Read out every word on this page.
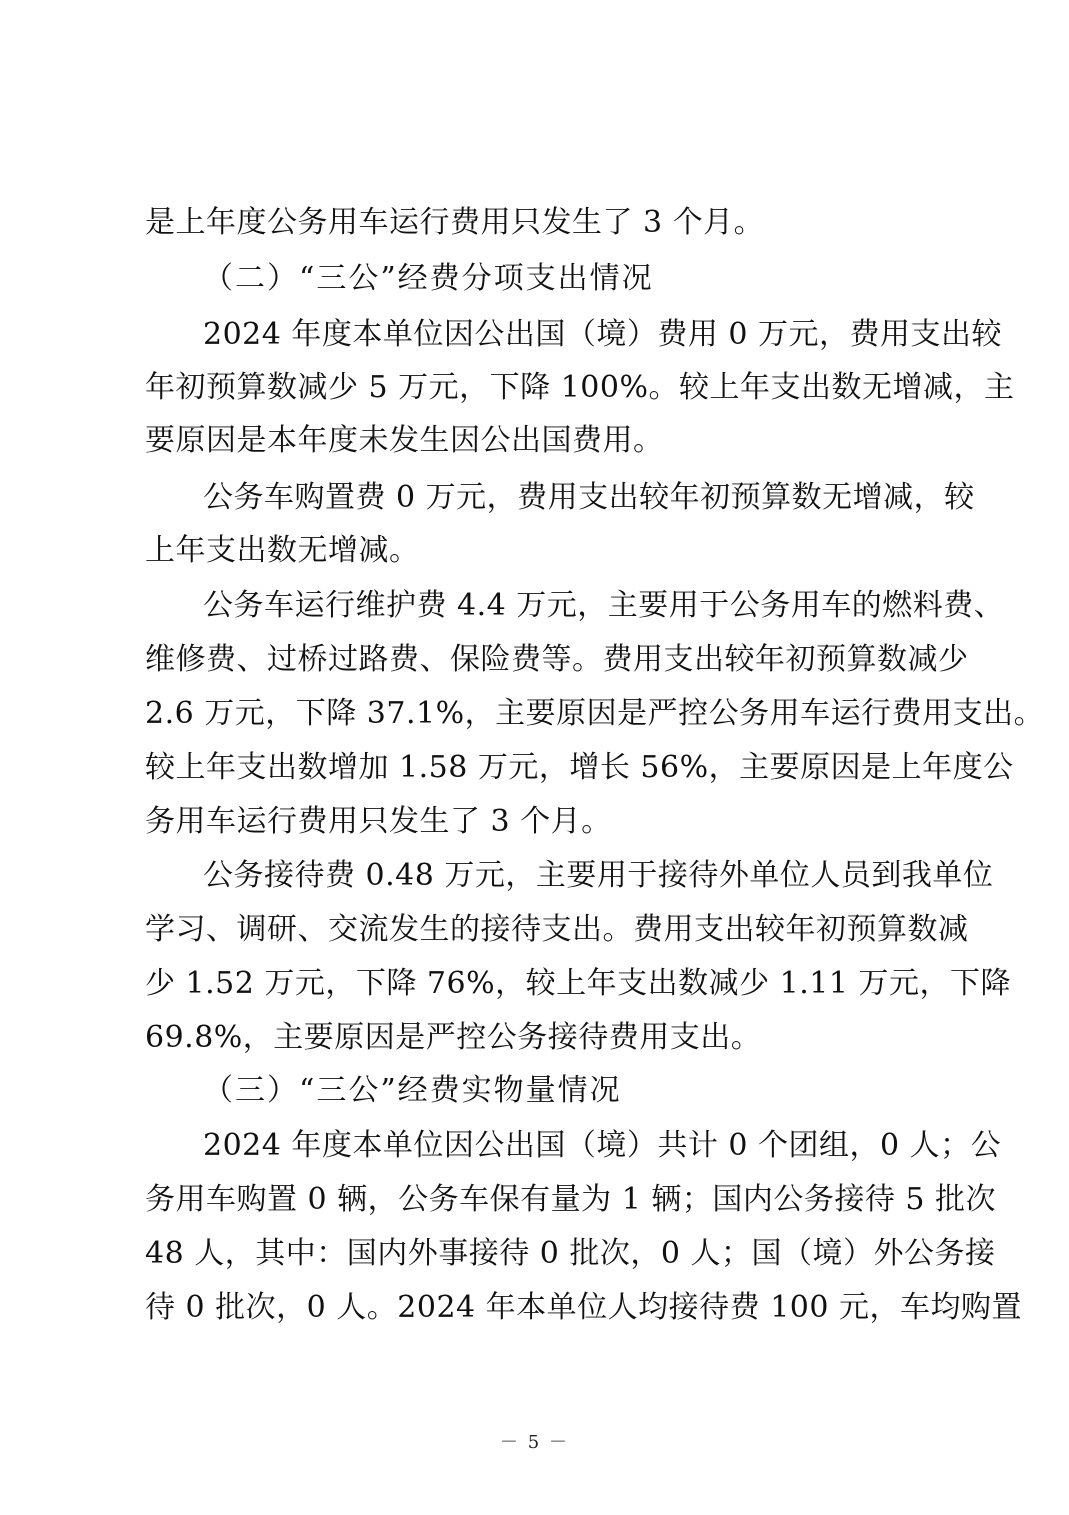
是上年度公务用车运行费用只发生了 3 个月。
（二）“三公”经费分项支出情况
2024 年度本单位因公出国（境）费用 0 万元，费用支出较
年初预算数减少 5 万元，下降 100%。较上年支出数无增减，主
要原因是本年度未发生因公出国费用。
公务车购置费 0 万元，费用支出较年初预算数无增减，较
上年支出数无增减。
公务车运行维护费 4.4 万元，主要用于公务用车的燃料费、
维修费、过桥过路费、保险费等。费用支出较年初预算数减少
2.6 万元，下降 37.1%，主要原因是严控公务用车运行费用支出。
较上年支出数增加 1.58 万元，增长 56%，主要原因是上年度公
务用车运行费用只发生了 3 个月。
公务接待费 0.48 万元，主要用于接待外单位人员到我单位
学习、调研、交流发生的接待支出。费用支出较年初预算数减
少 1.52 万元，下降 76%，较上年支出数减少 1.11 万元，下降
69.8%，主要原因是严控公务接待费用支出。
（三）“三公”经费实物量情况
2024 年度本单位因公出国（境）共计 0 个团组，0 人；公
务用车购置 0 辆，公务车保有量为 1 辆；国内公务接待 5 批次
48 人，其中：国内外事接待 0 批次，0 人；国（境）外公务接
待 0 批次，0 人。2024 年本单位人均接待费 100 元，车均购置
－ 5 －
